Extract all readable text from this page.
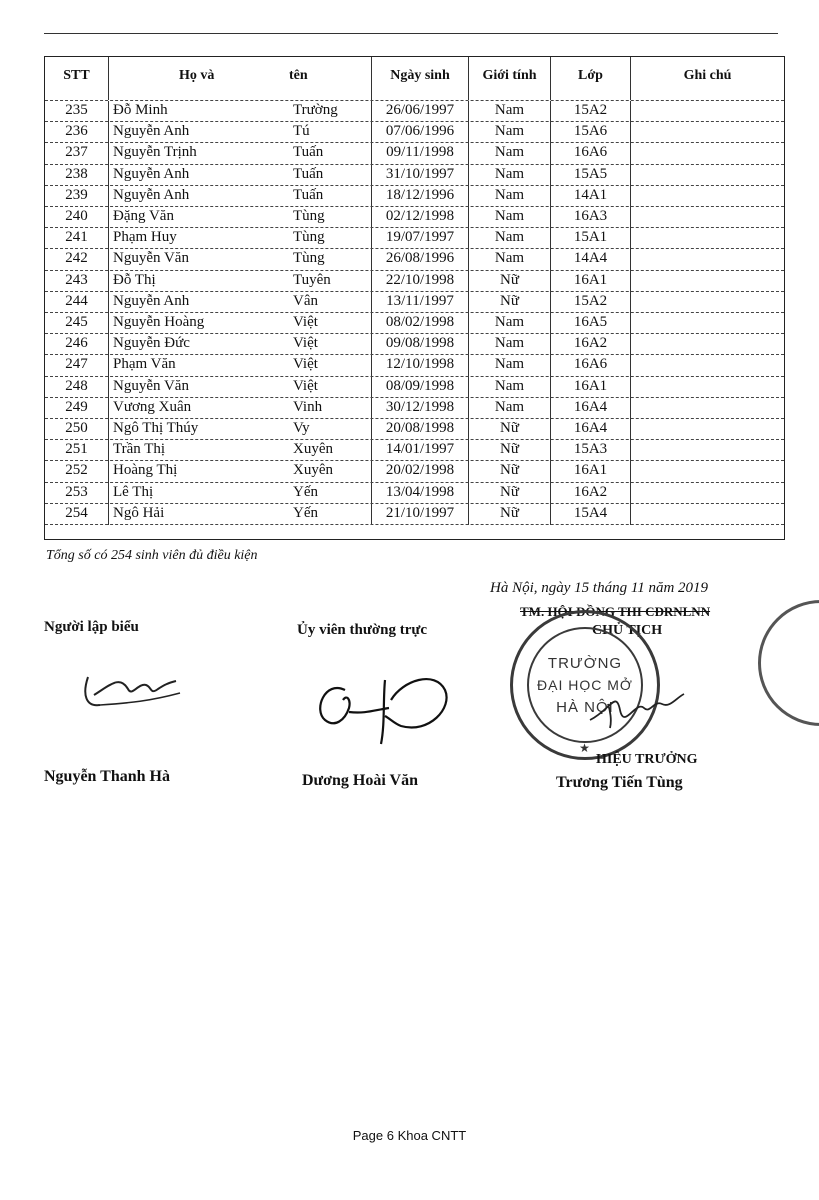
STT	Họ và	tên	Ngày sinh	Giới tính	Lớp	Ghi chú
235	Đỗ Minh	Trường	26/06/1997	Nam	15A2
236	Nguyễn Anh	Tú	07/06/1996	Nam	15A6
237	Nguyễn Trịnh	Tuấn	09/11/1998	Nam	16A6
238	Nguyễn Anh	Tuấn	31/10/1997	Nam	15A5
239	Nguyễn Anh	Tuấn	18/12/1996	Nam	14A1
240	Đặng Văn	Tùng	02/12/1998	Nam	16A3
241	Phạm Huy	Tùng	19/07/1997	Nam	15A1
242	Nguyễn Văn	Tùng	26/08/1996	Nam	14A4
243	Đỗ Thị	Tuyên	22/10/1998	Nữ	16A1
244	Nguyễn Anh	Vân	13/11/1997	Nữ	15A2
245	Nguyễn Hoàng	Việt	08/02/1998	Nam	16A5
246	Nguyễn Đức	Việt	09/08/1998	Nam	16A2
247	Phạm Văn	Việt	12/10/1998	Nam	16A6
248	Nguyễn Văn	Việt	08/09/1998	Nam	16A1
249	Vương Xuân	Vinh	30/12/1998	Nam	16A4
250	Ngô Thị Thúy	Vy	20/08/1998	Nữ	16A4
251	Trần Thị	Xuyên	14/01/1997	Nữ	15A3
252	Hoàng Thị	Xuyên	20/02/1998	Nữ	16A1
253	Lê Thị	Yến	13/04/1998	Nữ	16A2
254	Ngô Hải	Yến	21/10/1997	Nữ	15A4
Tổng số có 254 sinh viên đủ điều kiện
Hà Nội, ngày 15 tháng 11 năm 2019
TM. HỘI ĐỒNG THI CĐRNLNN
CHỦ TỊCH
Người lập biểu	Ủy viên thường trực
TRƯỜNG
ĐẠI HỌC MỞ
HÀ NỘI
★
HIỆU TRƯỞNG
Nguyễn Thanh Hà	Dương Hoài Văn	Trương Tiến Tùng
Page 6 Khoa CNTT
